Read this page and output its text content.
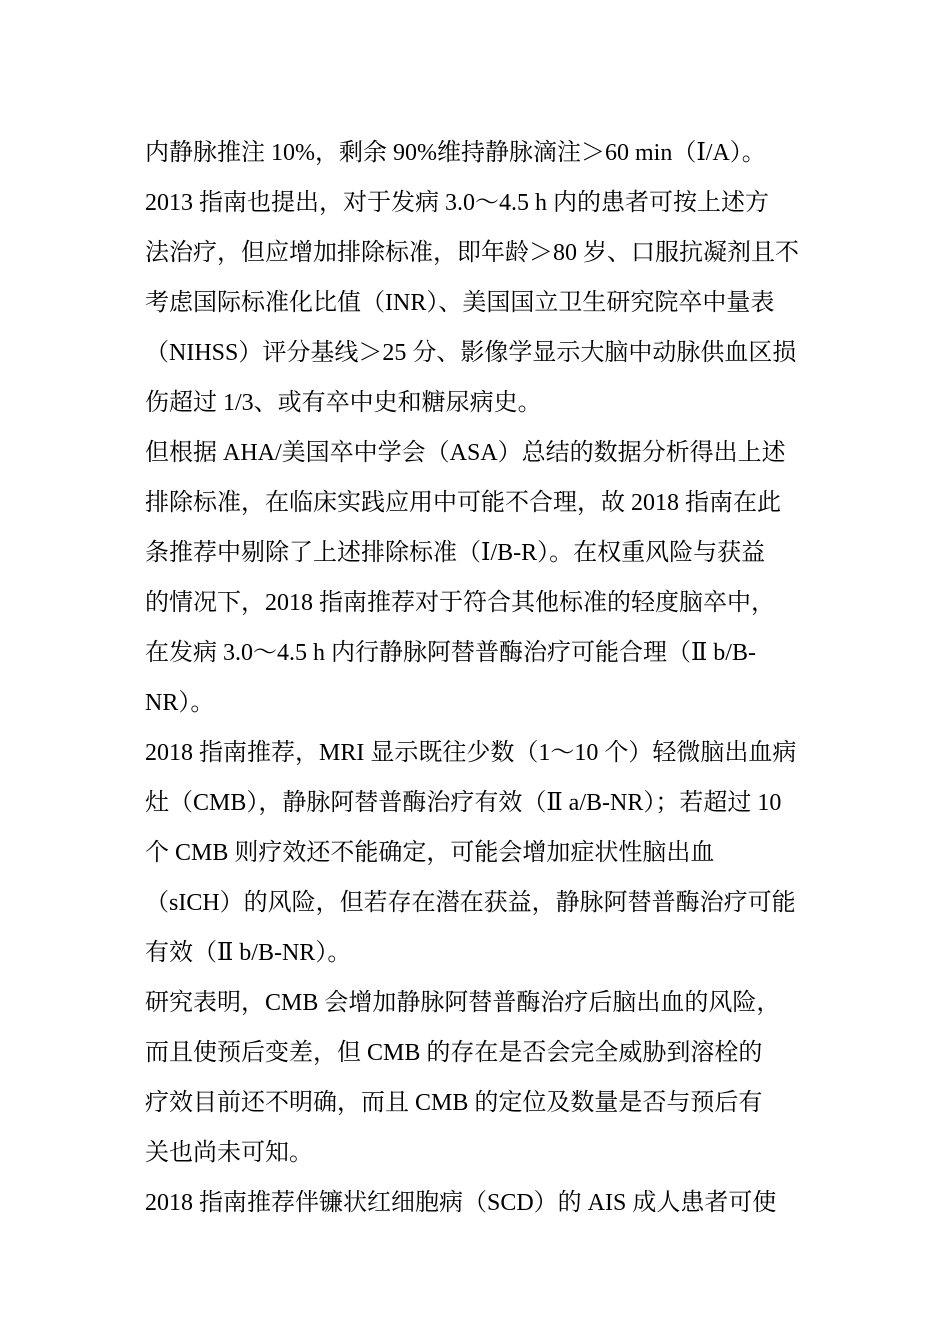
内静脉推注 10%，剩余 90%维持静脉滴注＞60 min（Ⅰ/A）。
2013 指南也提出，对于发病 3.0～4.5 h 内的患者可按上述方
法治疗，但应增加排除标准，即年龄＞80 岁、口服抗凝剂且不
考虑国际标准化比值（INR）、美国国立卫生研究院卒中量表
（NIHSS）评分基线＞25 分、影像学显示大脑中动脉供血区损
伤超过 1/3、或有卒中史和糖尿病史。
但根据 AHA/美国卒中学会（ASA）总结的数据分析得出上述
排除标准，在临床实践应用中可能不合理，故 2018 指南在此
条推荐中剔除了上述排除标准（Ⅰ/B-R）。在权重风险与获益
的情况下，2018 指南推荐对于符合其他标准的轻度脑卒中，
在发病 3.0～4.5 h 内行静脉阿替普酶治疗可能合理（Ⅱ b/B-
NR）。
2018 指南推荐，MRI 显示既往少数（1～10 个）轻微脑出血病
灶（CMB），静脉阿替普酶治疗有效（Ⅱ a/B-NR）；若超过 10
个 CMB 则疗效还不能确定，可能会增加症状性脑出血
（sICH）的风险，但若存在潜在获益，静脉阿替普酶治疗可能
有效（Ⅱ b/B-NR）。
研究表明，CMB 会增加静脉阿替普酶治疗后脑出血的风险，
而且使预后变差，但 CMB 的存在是否会完全威胁到溶栓的
疗效目前还不明确，而且 CMB 的定位及数量是否与预后有
关也尚未可知。
2018 指南推荐伴镰状红细胞病（SCD）的 AIS 成人患者可使
